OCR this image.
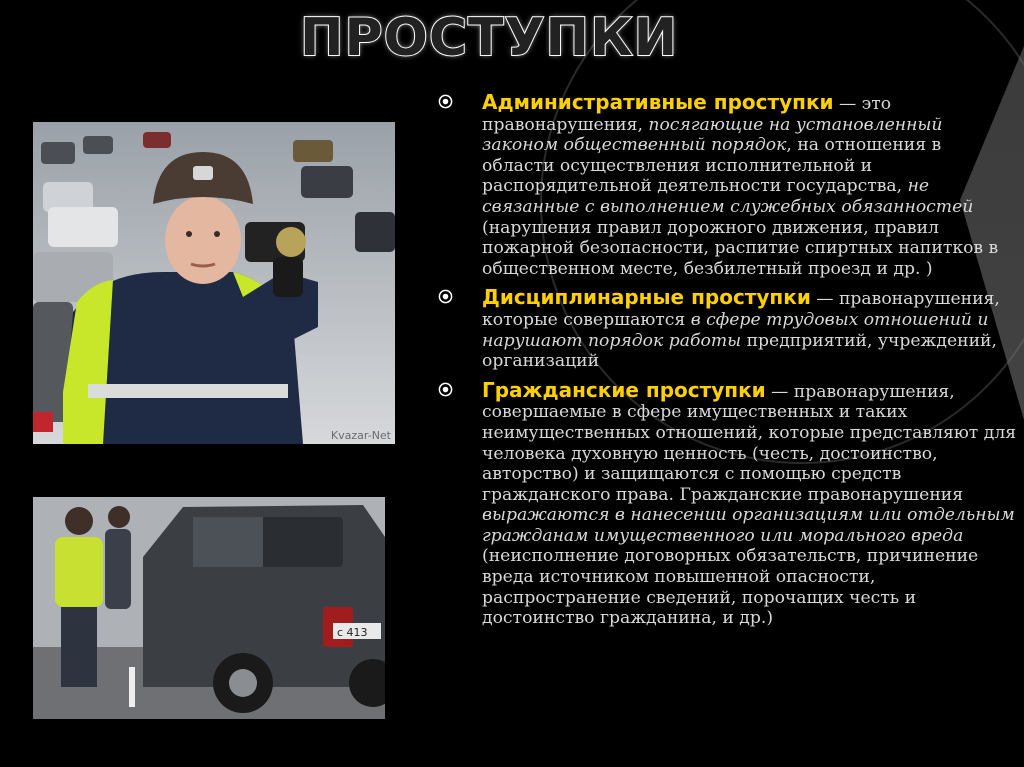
ПРОСТУПКИ
Kvazar-Net
с 413
Административные проступки — это правонарушения, посягающие на установленный законом общественный порядок, на отношения в области осуществления исполнительной и распорядительной деятельности государства, не связанные с выполнением служебных обязанностей (нарушения правил дорожного движения, правил пожарной безопасности, распитие спиртных напитков в общественном месте, безбилетный проезд и др. )
Дисциплинарные проступки — правонарушения, которые совершаются в сфере трудовых отношений и нарушают порядок работы предприятий, учреждений, организаций
Гражданские проступки — правонарушения, совершаемые в сфере имущественных и таких неимущественных отношений, которые представляют для человека духовную ценность (честь, достоинство, авторство) и защищаются с помощью средств гражданского права. Гражданские правонарушения выражаются в нанесении организациям или отдельным гражданам имущественного или морального вреда (неисполнение договорных обязательств, причинение вреда источником повышенной опасности, распространение сведений, порочащих честь и достоинство гражданина, и др.)
